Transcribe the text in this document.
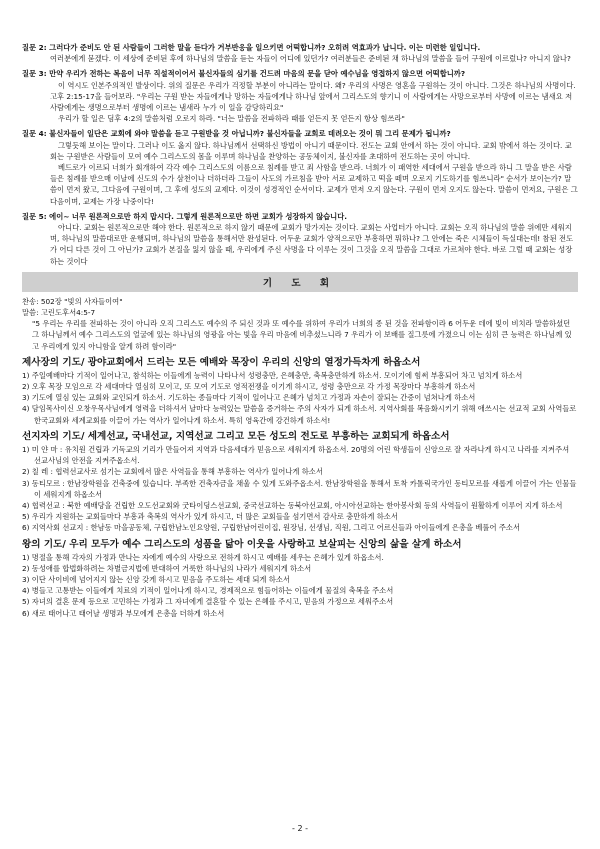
질문 2: 그러다가 준비도 안 된 사람들이 그러한 말을 듣다가 거부반응을 일으키면 어떡합니까? 오히려 역효과가 납니다. 이는 미련한 일입니다.
여러분에게 묻겠다. 이 세상에 준비된 후에 하나님의 말씀을 듣는 자들이 어디에 있던가? 여러분들은 준비된 채 하나님의 말씀을 들어 구원에 이르렀나? 아니지 않나?
질문 3: 만약 우리가 전하는 복음이 너무 직설적이어서 불신자들의 심기를 건드려 마음의 문을 닫아 예수님을 영접하지 않으면 어떡합니까?
이 역시도 인본주의적인 발상이다. 위의 질문은 우리가 걱정할 부분이 아니라는 말이다. 왜? 우리의 사명은 영혼을 구원하는 것이 아니다. 그것은 하나님의 사명이다. 고후 2:15-17을 들어보라. "우리는 구원 받는 자들에게나 망하는 자들에게나 하나님 앞에서 그리스도의 향기니 이 사람에게는 사망으로부터 사망에 이르는 냄새요 저 사람에게는 생명으로부터 생명에 이르는 냄새라 누가 이 일을 감당하리요"
우리가 할 일은 딤후 4:2의 말씀처럼 오로지 하라. "너는 말씀을 전파하라 때를 얻든지 못 얻든지 항상 힘쓰라"
질문 4: 불신자들이 일단은 교회에 와야 말씀을 듣고 구원받을 것 아닙니까? 불신자들을 교회로 데려오는 것이 뭐 그리 문제가 됩니까?
그렇듯해 보이는 말이다. 그러나 이도 옳지 않다. 하나님께서 선택하신 방법이 아니기 때문이다. 전도는 교회 안에서 하는 것이 아니다. 교회 밖에서 하는 것이다. 교회는 구원받은 사람들이 모여 예수 그리스도의 몸을 이루며 하나님을 찬양하는 공동체이지, 불신자를 초대하여 전도하는 곳이 아니다.
베드로가 이르되 너희가 회개하여 각각 예수 그리스도의 이름으로 침례를 받고 죄 사함을 받으라. 너희가 이 패역한 세대에서 구원을 받으라 하니 그 말을 받은 사람들은 침례를 받으매 이날에 신도의 수가 삼천이나 더하더라 그들이 사도의 가르침을 받아 서로 교제하고 떡을 떼며 오로지 기도하기를 힘쓰니라" 순서가 보이는가? 말씀이 먼저 왔고, 그다음에 구원이며, 그 후에 성도의 교제다. 이것이 성경적인 순서이다. 교제가 먼저 오지 않는다. 구원이 먼저 오지도 않는다. 말씀이 먼저요, 구원은 그다음이며, 교제는 가장 나중이다!
질문 5: 에이~ 너무 원론적으로만 하지 맙시다. 그렇게 원론적으로만 하면 교회가 성장하지 않습니다.
아니다. 교회는 원론적으로만 해야 한다. 원론적으로 하지 않기 때문에 교회가 망가지는 것이다. 교회는 사업터가 아니다. 교회는 오직 하나님의 말씀 위에만 세워지며, 하나님의 말씀대로만 운행되며, 하나님의 말씀을 통해서만 완성된다. 어두운 교회가 양적으로만 부흥하면 뭐하나? 그 안에는 죽은 시체들이 득실대는데! 참된 전도가 어디 다른 것이 그 아닌가? 교회가 본질을 잃지 않을 때, 우리에게 주신 사명을 다 이루는 것이 그것을 오직 말씀을 그대로 가르쳐야 한다. 바로 그럴 때 교회는 성장하는 것이다
기 도 회
찬송: 502장 "빛의 사자들이여"
말씀: 고린도후서4:5-7
"5 우리는 우리를 전파하는 것이 아니라 오직 그리스도 예수의 주 되신 것과 또 예수를 위하여 우리가 너희의 종 된 것을 전파함이라 6 어두운 데에 빛이 비치라 말씀하셨던 그 하나님께서 예수 그리스도의 얼굴에 있는 하나님의 영광을 아는 빛을 우리 마음에 비추셨느니라 7 우리가 이 보배를 질그릇에 가졌으니 이는 심히 큰 능력은 하나님께 있고 우리에게 있지 아니함을 알게 하려 함이라"
제사장의 기도/ 광야교회에서 드리는 모든 예배와 목장이 우리의 신앙의 열정가득차게 하옵소서
1) 주일예배마다 기적이 일어나고, 참석하는 이들에게 능력이 나타나서 성령충만, 은혜충만, 축복충만하게 하소서. 모이기에 힘써 부흥되어 차고 넘치게 하소서
2) 오후 목장 모임으로 각 세대마다 열심히 모이고, 또 모여 기도로 영적전쟁을 이기게 하시고, 성령 충만으로 각 가정 목장마다 부흥하게 하소서
3) 기도에 열심 있는 교회와 교인되게 하소서. 기도하는 종들마다 기적이 일어나고 은혜가 넘치고 가정과 자손이 잘되는 간증이 넘쳐나게 하소서
4) 담임목사이신 오창우목사님에게 영력을 더하셔서 날마다 능력있는 말씀을 증거하는 주의 사자가 되게 하소서. 지역사회를 복음화시키기 위해 애쓰시는 선교적 교회 사역들로 한국교회와 세계교회를 이끌어 가는 역사가 일어나게 하소서. 특히 영육간에 강건하게 하소서!
선지자의 기도/ 세계선교, 국내선교, 지역선교 그리고 모든 성도의 전도로 부흥하는 교회되게 하옵소서
1) 미 얀 마 : 유치원 건립과 기독교의 기리가 만들어져 지역과 다음세대가 믿음으로 세워지게 하옵소서. 20명의 어린 학생들이 신앙으로 잘 자라나게 하시고 나라를 지켜주셔 선교사님의 안전을 지켜주옵소서.
2) 칠 레 : 협력선교사로 섬기는 교회에서 많은 사역들을 통해 부흥하는 역사가 일어나게 하소서
3) 동티모르 : 한남장학원을 건축중에 있습니다. 부족한 건축자금을 채울 수 있게 도와주옵소서. 한남장학원을 통해서 토착 카톨릭국가인 동티모르를 새롭게 이끌어 가는 인물들이 세워지게 하옵소서
4) 협력선교 : 북한 예배당을 건립한 오도선교회와 굿타이딩스선교회, 중국선교하는 동북아선교회, 아시아선교하는 한아봉사회 등의 사역들이 원활하게 이루어 지게 하소서
5) 우리가 지원하는 교회들마다 부흥과 축복의 역사가 있게 하시고, 더 많은 교회들을 섬기면서 감사로 충만하게 하소서
6) 지역사회 선교지 : 한남동 마을공동체, 구립한남노인요양원, 구립한남어린이집, 원장님, 선생님, 직원, 그리고 어르신들과 아이들에게 은총을 베풀어 주소서
왕의 기도/ 우리 모두가 예수 그리스도의 성품을 닮아 이웃을 사랑하고 보살피는 신앙의 삶을 살게 하소서
1) 명절을 통해 각자의 가정과 만나는 자에게 예수의 사랑으로 전하게 하시고 예배를 세우는 은혜가 있게 하옵소서.
2) 동성애를 합법화하려는 차별금지법에 반대하여 거룩한 하나님의 나라가 세워지게 하소서
3) 이단 사이비에 넘어지지 않는 신앙 갖게 하시고 믿음을 주도하는 세대 되게 하소서
4) 병들고 고통받는 이들에게 치료의 기적이 일어나게 하시고, 경제적으로 힘들어하는 이들에게 물질의 축복을 주소서
5) 자녀의 결혼 문제 등으로 고민하는 가정과 그 자녀에게 결혼할 수 있는 은혜를 주시고, 믿음의 가정으로 세워주소서
6) 새로 태어나고 태어날 생명과 부모에게 은총을 더하게 하소서
- 2 -
